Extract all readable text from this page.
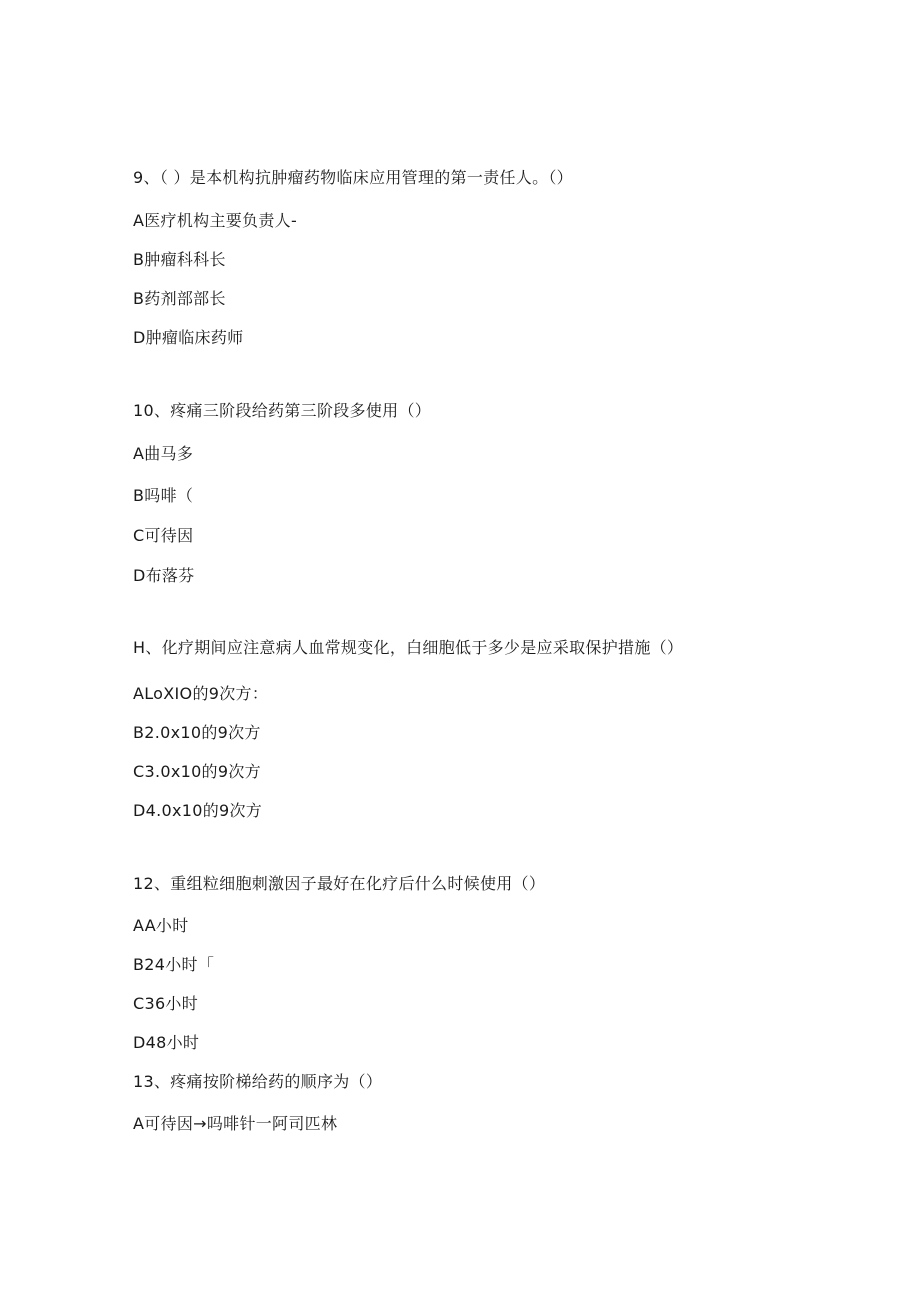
9、（ ）是本机构抗肿瘤药物临床应用管理的第一责任人。（）
A医疗机构主要负责人-
B肿瘤科科长
B药剂部部长
D肿瘤临床药师
10、疼痛三阶段给药第三阶段多使用（）
A曲马多
B吗啡（
C可待因
D布落芬
H、化疗期间应注意病人血常规变化，白细胞低于多少是应采取保护措施（）
ALoXIO的9次方：
B2.0x10的9次方
C3.0x10的9次方
D4.0x10的9次方
12、重组粒细胞刺激因子最好在化疗后什么时候使用（）
AA小时
B24小时「
C36小时
D48小时
13、疼痛按阶梯给药的顺序为（）
A可待因→吗啡针一阿司匹林
